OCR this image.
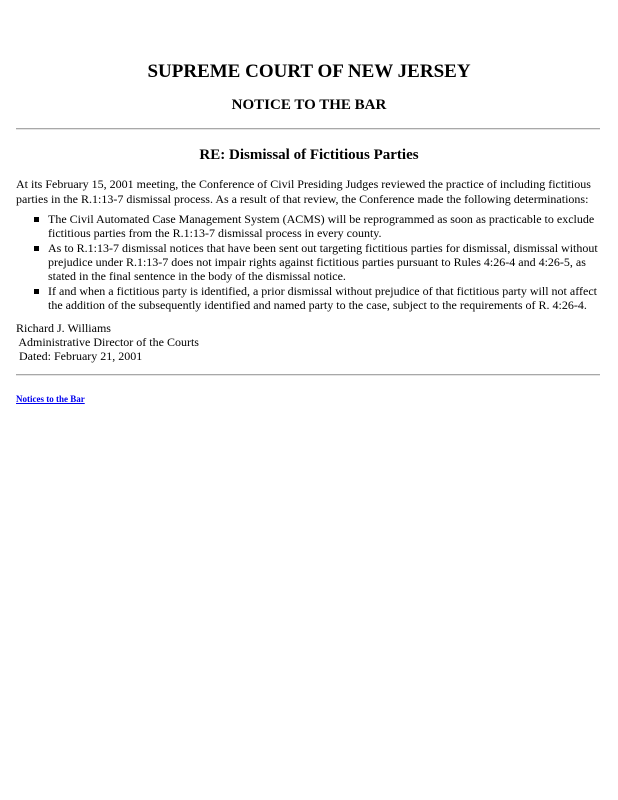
SUPREME COURT OF NEW JERSEY
NOTICE TO THE BAR
RE: Dismissal of Fictitious Parties

At its February 15, 2001 meeting, the Conference of Civil Presiding Judges reviewed the practice of including fictitious parties in the R.1:13-7 dismissal process. As a result of that review, the Conference made the following determinations:

The Civil Automated Case Management System (ACMS) will be reprogrammed as soon as practicable to exclude fictitious parties from the R.1:13-7 dismissal process in every county.
As to R.1:13-7 dismissal notices that have been sent out targeting fictitious parties for dismissal, dismissal without prejudice under R.1:13-7 does not impair rights against fictitious parties pursuant to Rules 4:26-4 and 4:26-5, as stated in the final sentence in the body of the dismissal notice.
If and when a fictitious party is identified, a prior dismissal without prejudice of that fictitious party will not affect the addition of the subsequently identified and named party to the case, subject to the requirements of R. 4:26-4.
Richard J. Williams
Administrative Director of the Courts
Dated: February 21, 2001
Notices to the Bar
